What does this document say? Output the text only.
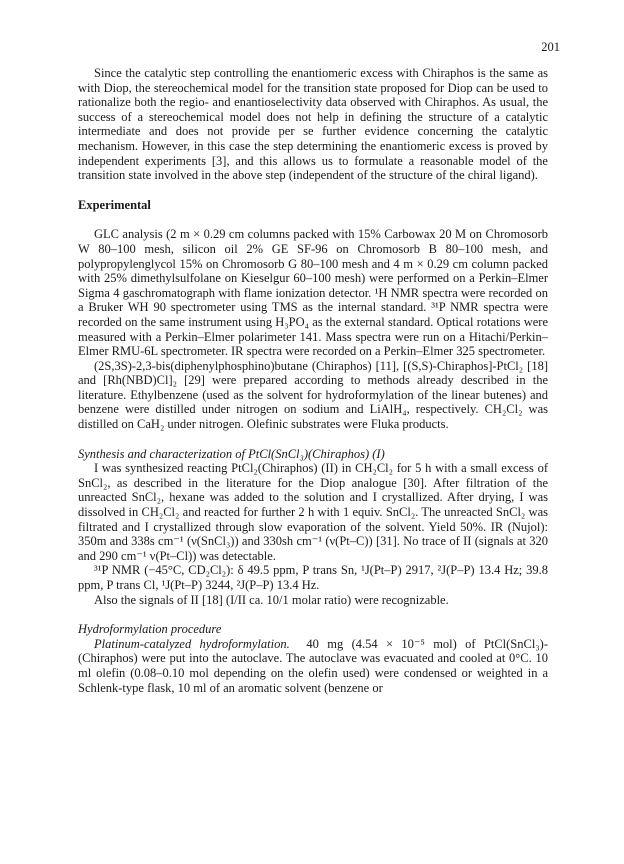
201

Since the catalytic step controlling the enantiomeric excess with Chiraphos is the same as with Diop, the stereochemical model for the transition state proposed for Diop can be used to rationalize both the regio- and enantioselectivity data observed with Chiraphos. As usual, the success of a stereochemical model does not help in defining the structure of a catalytic intermediate and does not provide per se further evidence concerning the catalytic mechanism. However, in this case the step determining the enantiomeric excess is proved by independent experiments [3], and this allows us to formulate a reasonable model of the transition state involved in the above step (independent of the structure of the chiral ligand).

Experimental

GLC analysis (2 m × 0.29 cm columns packed with 15% Carbowax 20 M on Chromosorb W 80–100 mesh, silicon oil 2% GE SF-96 on Chromosorb B 80–100 mesh, and polypropylenglycol 15% on Chromosorb G 80–100 mesh and 4 m × 0.29 cm column packed with 25% dimethylsulfolane on Kieselgur 60–100 mesh) were performed on a Perkin–Elmer Sigma 4 gaschromatograph with flame ionization detector. ¹H NMR spectra were recorded on a Bruker WH 90 spectrometer using TMS as the internal standard. ³¹P NMR spectra were recorded on the same instrument using H₃PO₄ as the external standard. Optical rotations were measured with a Perkin–Elmer polarimeter 141. Mass spectra were run on a Hitachi/Perkin–Elmer RMU-6L spectrometer. IR spectra were recorded on a Perkin–Elmer 325 spectrometer.

(2S,3S)-2,3-bis(diphenylphosphino)butane (Chiraphos) [11], [(S,S)-Chiraphos]-PtCl₂ [18] and [Rh(NBD)Cl]₂ [29] were prepared according to methods already described in the literature. Ethylbenzene (used as the solvent for hydroformylation of the linear butenes) and benzene were distilled under nitrogen on sodium and LiAlH₄, respectively. CH₂Cl₂ was distilled on CaH₂ under nitrogen. Olefinic substrates were Fluka products.

Synthesis and characterization of PtCl(SnCl₃)(Chiraphos) (I)

I was synthesized reacting PtCl₂(Chiraphos) (II) in CH₂Cl₂ for 5 h with a small excess of SnCl₂, as described in the literature for the Diop analogue [30]. After filtration of the unreacted SnCl₂, hexane was added to the solution and I crystallized. After drying, I was dissolved in CH₂Cl₂ and reacted for further 2 h with 1 equiv. SnCl₂. The unreacted SnCl₂ was filtrated and I crystallized through slow evaporation of the solvent. Yield 50%. IR (Nujol): 350m and 338s cm⁻¹ (ν(SnCl₃)) and 330sh cm⁻¹ (ν(Pt–C)) [31]. No trace of II (signals at 320 and 290 cm⁻¹ ν(Pt–Cl)) was detectable.

³¹P NMR (−45°C, CD₂Cl₂): δ 49.5 ppm, P trans Sn, ¹J(Pt–P) 2917, ²J(P–P) 13.4 Hz; 39.8 ppm, P trans Cl, ¹J(Pt–P) 3244, ²J(P–P) 13.4 Hz.

Also the signals of II [18] (I/II ca. 10/1 molar ratio) were recognizable.

Hydroformylation procedure

Platinum-catalyzed hydroformylation. 40 mg (4.54 × 10⁻⁵ mol) of PtCl(SnCl₃)-(Chiraphos) were put into the autoclave. The autoclave was evacuated and cooled at 0°C. 10 ml olefin (0.08–0.10 mol depending on the olefin used) were condensed or weighted in a Schlenk-type flask, 10 ml of an aromatic solvent (benzene or
